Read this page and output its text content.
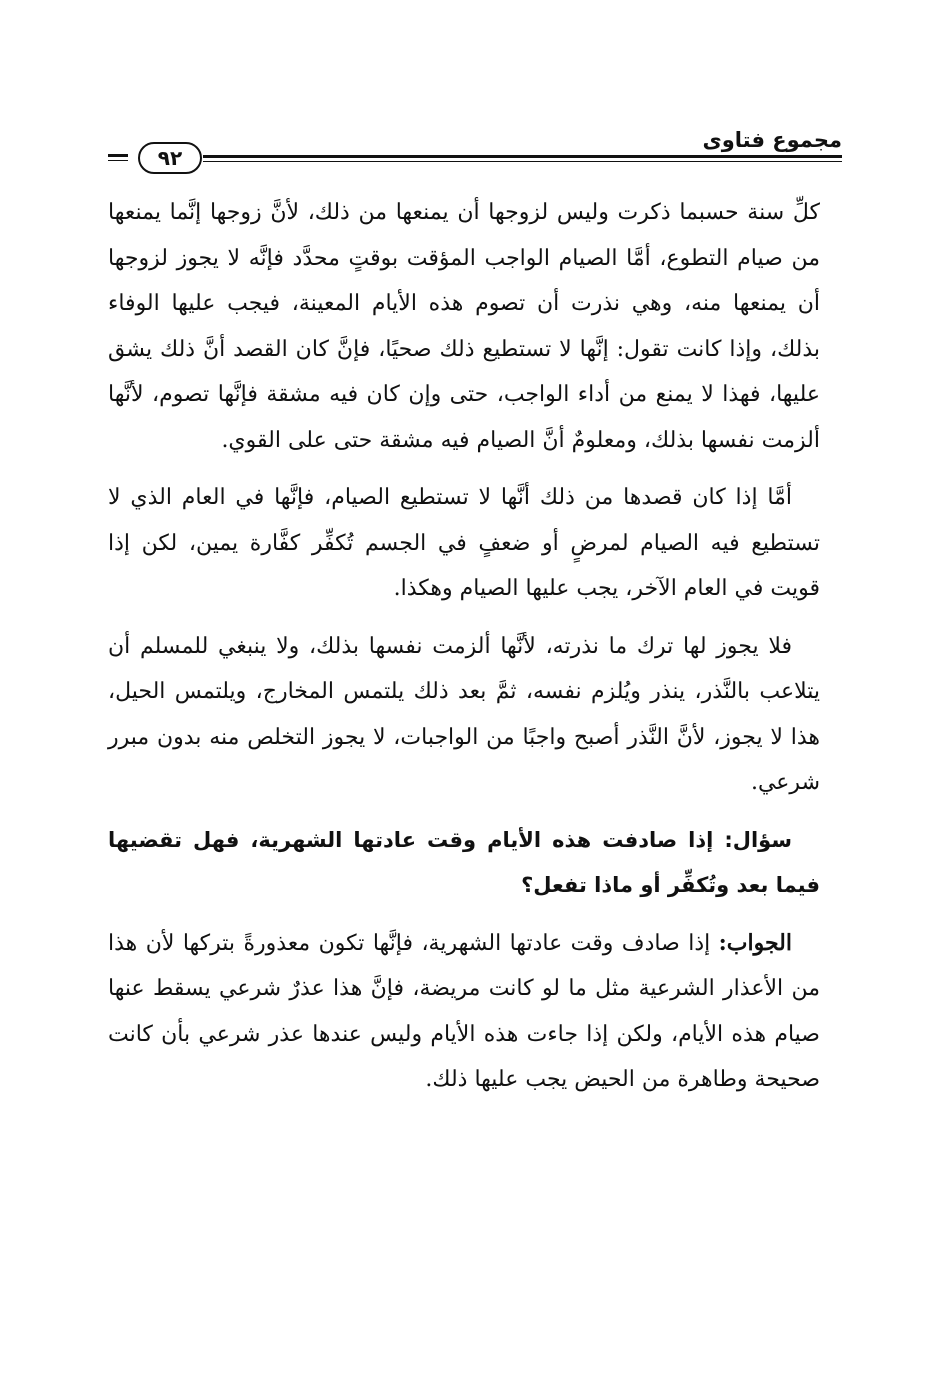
مجموع فتاوى
٩٢

كلِّ سنة حسبما ذكرت وليس لزوجها أن يمنعها من ذلك، لأنَّ زوجها إنَّما يمنعها من صيام التطوع، أمَّا الصيام الواجب المؤقت بوقتٍ محدَّد فإنَّه لا يجوز لزوجها أن يمنعها منه، وهي نذرت أن تصوم هذه الأيام المعينة، فيجب عليها الوفاء بذلك، وإذا كانت تقول: إنَّها لا تستطيع ذلك صحيًا، فإنَّ كان القصد أنَّ ذلك يشق عليها، فهذا لا يمنع من أداء الواجب، حتى وإن كان فيه مشقة فإنَّها تصوم، لأنَّها ألزمت نفسها بذلك، ومعلومٌ أنَّ الصيام فيه مشقة حتى على القوي.

أمَّا إذا كان قصدها من ذلك أنَّها لا تستطيع الصيام، فإنَّها في العام الذي لا تستطيع فيه الصيام لمرضٍ أو ضعفٍ في الجسم تُكفِّر كفَّارة يمين، لكن إذا قويت في العام الآخر، يجب عليها الصيام وهكذا.

فلا يجوز لها ترك ما نذرته، لأنَّها ألزمت نفسها بذلك، ولا ينبغي للمسلم أن يتلاعب بالنَّذر، ينذر ويُلزم نفسه، ثمَّ بعد ذلك يلتمس المخارج، ويلتمس الحيل، هذا لا يجوز، لأنَّ النَّذر أصبح واجبًا من الواجبات، لا يجوز التخلص منه بدون مبرر شرعي.

سؤال: إذا صادفت هذه الأيام وقت عادتها الشهرية، فهل تقضيها فيما بعد وتُكفِّر أو ماذا تفعل؟

الجواب: إذا صادف وقت عادتها الشهرية، فإنَّها تكون معذورةً بتركها لأن هذا من الأعذار الشرعية مثل ما لو كانت مريضة، فإنَّ هذا عذرٌ شرعي يسقط عنها صيام هذه الأيام، ولكن إذا جاءت هذه الأيام وليس عندها عذر شرعي بأن كانت صحيحة وطاهرة من الحيض يجب عليها ذلك.
